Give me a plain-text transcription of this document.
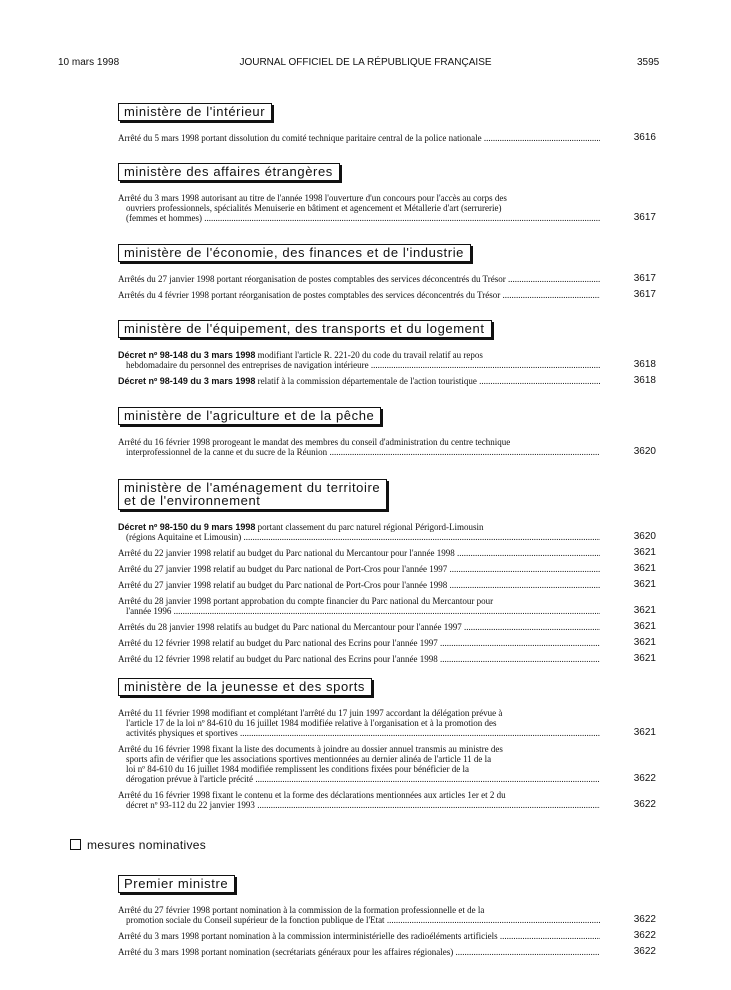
10 mars 1998	JOURNAL OFFICIEL DE LA RÉPUBLIQUE FRANÇAISE	3595
ministère de l'intérieur
Arrêté du 5 mars 1998 portant dissolution du comité technique paritaire central de la police nationale .....	3616
ministère des affaires étrangères
Arrêté du 3 mars 1998 autorisant au titre de l'année 1998 l'ouverture d'un concours pour l'accès au corps des
ouvriers professionnels, spécialités Menuiserie en bâtiment et agencement et Métallerie d'art (serrurerie)
(femmes et hommes) .....	3617
ministère de l'économie, des finances et de l'industrie
Arrêtés du 27 janvier 1998 portant réorganisation de postes comptables des services déconcentrés du Trésor .....	3617
Arrêtés du 4 février 1998 portant réorganisation de postes comptables des services déconcentrés du Trésor .....	3617
ministère de l'équipement, des transports et du logement
Décret nº 98-148 du 3 mars 1998 modifiant l'article R. 221-20 du code du travail relatif au repos
hebdomadaire du personnel des entreprises de navigation intérieure .....	3618
Décret nº 98-149 du 3 mars 1998 relatif à la commission départementale de l'action touristique .....	3618
ministère de l'agriculture et de la pêche
Arrêté du 16 février 1998 prorogeant le mandat des membres du conseil d'administration du centre technique
interprofessionnel de la canne et du sucre de la Réunion .....	3620
ministère de l'aménagement du territoire
et de l'environnement
Décret nº 98-150 du 9 mars 1998 portant classement du parc naturel régional Périgord-Limousin
(régions Aquitaine et Limousin) .....	3620
Arrêté du 22 janvier 1998 relatif au budget du Parc national du Mercantour pour l'année 1998 .....	3621
Arrêté du 27 janvier 1998 relatif au budget du Parc national de Port-Cros pour l'année 1997 .....	3621
Arrêté du 27 janvier 1998 relatif au budget du Parc national de Port-Cros pour l'année 1998 .....	3621
Arrêté du 28 janvier 1998 portant approbation du compte financier du Parc national du Mercantour pour
l'année 1996 .....	3621
Arrêtés du 28 janvier 1998 relatifs au budget du Parc national du Mercantour pour l'année 1997 .....	3621
Arrêté du 12 février 1998 relatif au budget du Parc national des Ecrins pour l'année 1997 .....	3621
Arrêté du 12 février 1998 relatif au budget du Parc national des Ecrins pour l'année 1998 .....	3621
ministère de la jeunesse et des sports
Arrêté du 11 février 1998 modifiant et complétant l'arrêté du 17 juin 1997 accordant la délégation prévue à
l'article 17 de la loi nº 84-610 du 16 juillet 1984 modifiée relative à l'organisation et à la promotion des
activités physiques et sportives .....	3621
Arrêté du 16 février 1998 fixant la liste des documents à joindre au dossier annuel transmis au ministre des
sports afin de vérifier que les associations sportives mentionnées au dernier alinéa de l'article 11 de la
loi nº 84-610 du 16 juillet 1984 modifiée remplissent les conditions fixées pour bénéficier de la
dérogation prévue à l'article précité .....	3622
Arrêté du 16 février 1998 fixant le contenu et la forme des déclarations mentionnées aux articles 1er et 2 du
décret nº 93-112 du 22 janvier 1993 .....	3622
Premier ministre
Arrêté du 27 février 1998 portant nomination à la commission de la formation professionnelle et de la
promotion sociale du Conseil supérieur de la fonction publique de l'Etat .....	3622
Arrêté du 3 mars 1998 portant nomination à la commission interministérielle des radioéléments artificiels .....	3622
Arrêté du 3 mars 1998 portant nomination (secrétariats généraux pour les affaires régionales) .....	3622
mesures nominatives
